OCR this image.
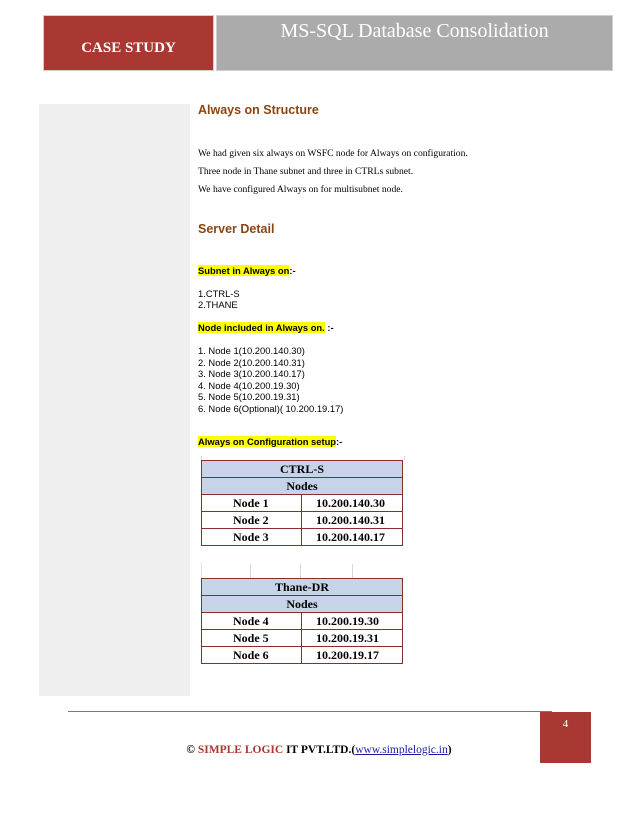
CASE STUDY
MS-SQL Database Consolidation
Always on Structure
We had given six always on WSFC node for Always on configuration.
Three node in Thane subnet and three in CTRLs subnet.
We have configured Always on for multisubnet node.
Server Detail
Subnet in Always on:-
1.CTRL-S
2.THANE
Node included in Always on. :-
1. Node 1(10.200.140.30)
2. Node 2(10.200.140.31)
3. Node 3(10.200.140.17)
4. Node 4(10.200.19.30)
5. Node 5(10.200.19.31)
6. Node 6(Optional)( 10.200.19.17)
Always on Configuration setup:-
CTRL-S	
Nodes	
Node 1	10.200.140.30
Node 2	10.200.140.31
Node 3	10.200.140.17
Thane-DR	
Nodes	
Node 4	10.200.19.30
Node 5	10.200.19.31
Node 6	10.200.19.17
4
© SIMPLE LOGIC IT PVT.LTD.(www.simplelogic.in)
